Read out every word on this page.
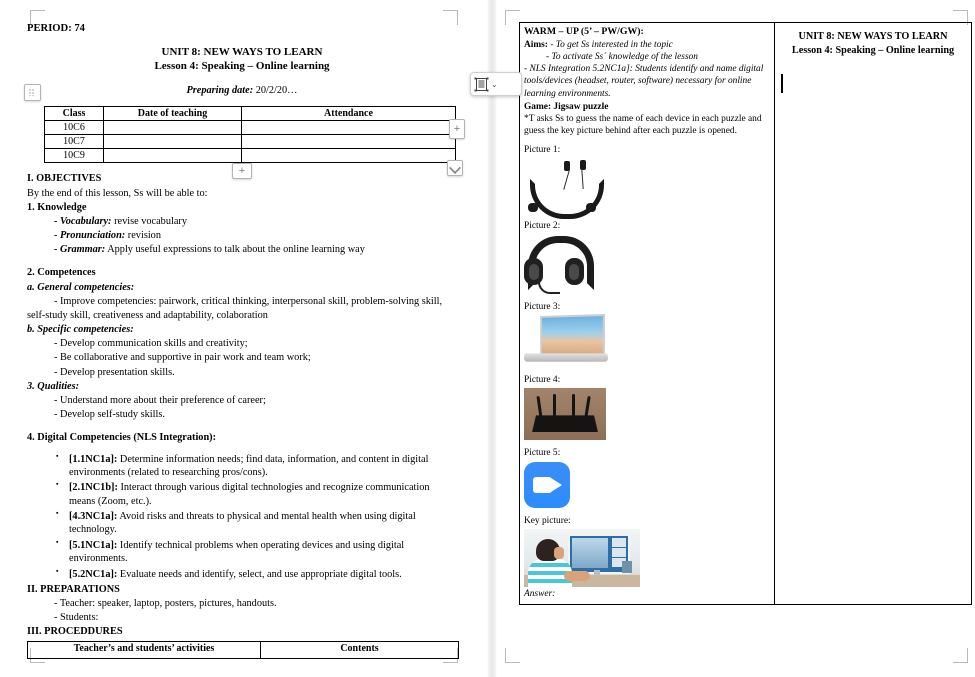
PERIOD: 74
UNIT 8: NEW WAYS TO LEARN
Lesson 4: Speaking – Online learning
Preparing date: 20/2/20…
Class	Date of teaching	Attendance
10C6		
10C7		
10C9		
I. OBJECTIVES
By the end of this lesson, Ss will be able to:
1. Knowledge
- Vocabulary: revise vocabulary
- Pronunciation: revision
- Grammar: Apply useful expressions to talk about the online learning way
2. Competences
a. General competencies:
- Improve competencies: pairwork, critical thinking, interpersonal skill, problem-solving skill,
self-study skill, creativeness and adaptability, colaboration
b. Specific competencies:
- Develop communication skills and creativity;
- Be collaborative and supportive in pair work and team work;
- Develop presentation skills.
3. Qualities:
- Understand more about their preference of career;
- Develop self-study skills.
4. Digital Competencies (NLS Integration):
▪ [1.1NC1a]: Determine information needs; find data, information, and content in digital environments (related to researching pros/cons).
▪ [2.1NC1b]: Interact through various digital technologies and recognize communication means (Zoom, etc.).
▪ [4.3NC1a]: Avoid risks and threats to physical and mental health when using digital technology.
▪ [5.1NC1a]: Identify technical problems when operating devices and using digital environments.
▪ [5.2NC1a]: Evaluate needs and identify, select, and use appropriate digital tools.
II. PREPARATIONS
- Teacher: speaker, laptop, posters, pictures, handouts.
- Students:
III. PROCEDDURES
Teacher’s and students’ activities	Contents
WARM – UP (5’ – PW/GW):
Aims: - To get Ss interested in the topic
- To activate Ss´ knowledge of the lesson
- NLS Integration 5.2NC1a]: Students identify and name digital tools/devices (headset, router, software) necessary for online learning environments.
Game: Jigsaw puzzle
*T asks Ss to guess the name of each device in each puzzle and guess the key picture behind after each puzzle is opened.
Picture 1:
Picture 2:
Picture 3:
Picture 4:
Picture 5:
Key picture:
Answer:

UNIT 8: NEW WAYS TO LEARN
Lesson 4: Speaking – Online learning
+
+
⌄
